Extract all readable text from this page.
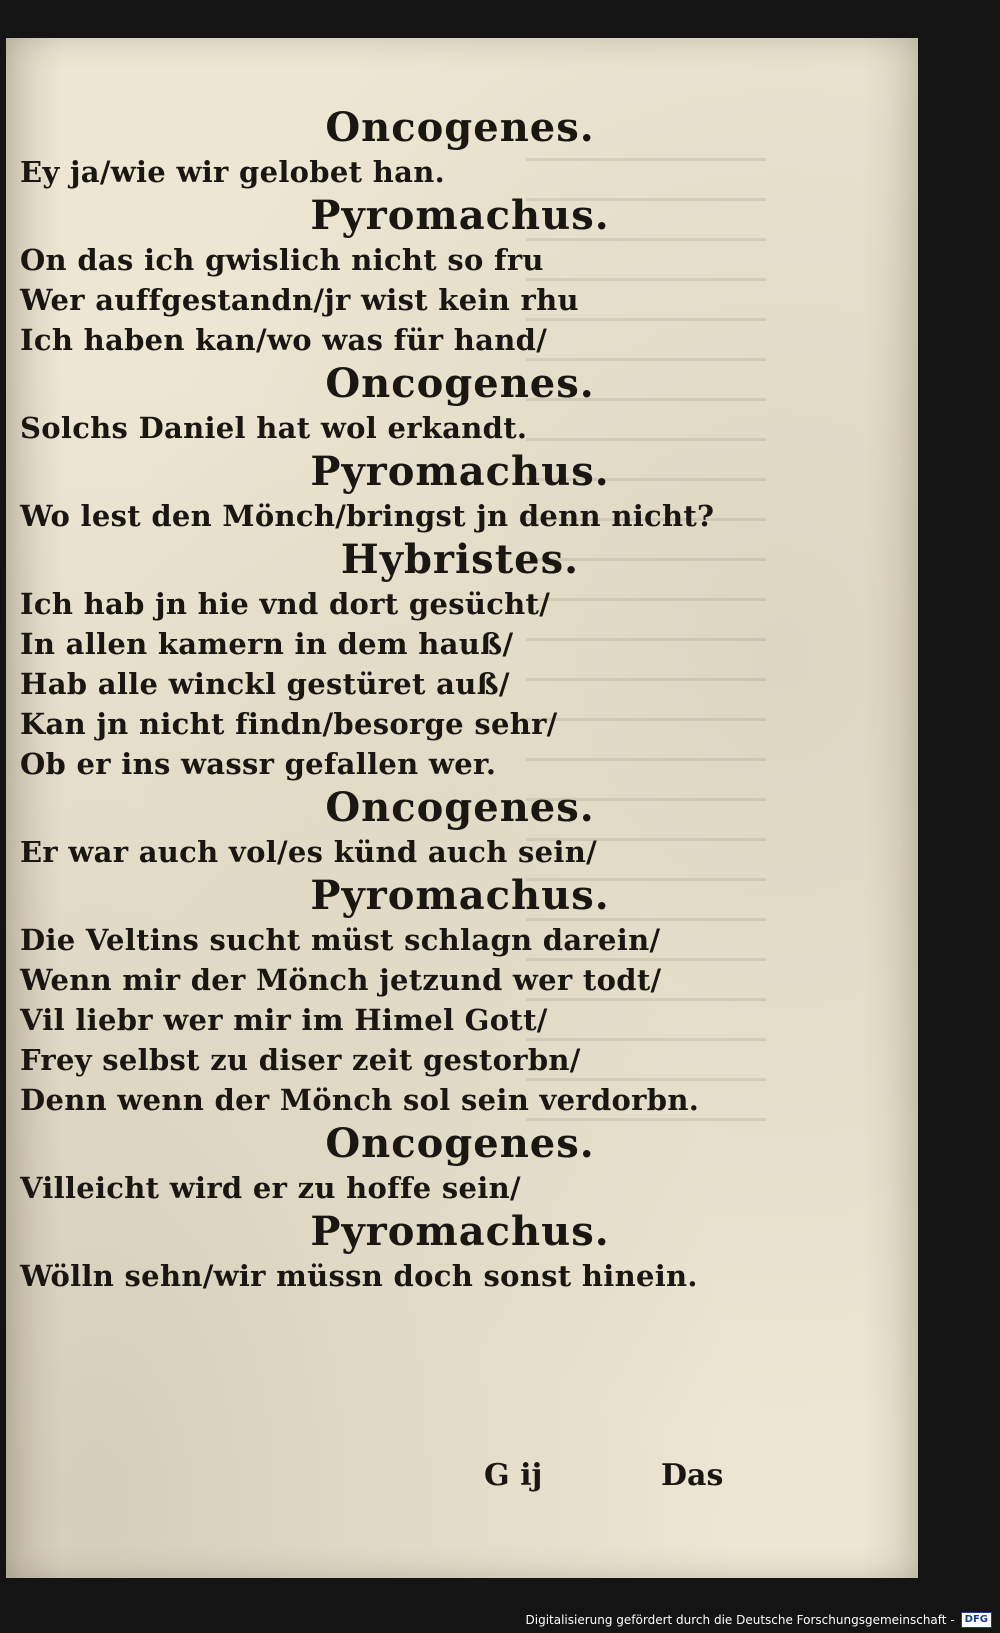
Oncogenes.
Ey ja/wie wir gelobet han.
Pyromachus.
On das ich gwislich nicht so fru
Wer auffgestandn/jr wist kein rhu
Ich haben kan/wo was für hand/
Oncogenes.
Solchs Daniel hat wol erkandt.
Pyromachus.
Wo lest den Mönch/bringst jn denn nicht?
Hybristes.
Ich hab jn hie vnd dort gesücht/
In allen kamern in dem hauß/
Hab alle winckl gestüret auß/
Kan jn nicht findn/besorge sehr/
Ob er ins wassr gefallen wer.
Oncogenes.
Er war auch vol/es künd auch sein/
Pyromachus.
Die Veltins sucht müst schlagn darein/
Wenn mir der Mönch jetzund wer todt/
Vil liebr wer mir im Himel Gott/
Frey selbst zu diser zeit gestorbn/
Denn wenn der Mönch sol sein verdorbn.
Oncogenes.
Villeicht wird er zu hoffe sein/
Pyromachus.
Wölln sehn/wir müssn doch sonst hinein.
G ij	Das
Digitalisierung gefördert durch die Deutsche Forschungsgemeinschaft -	DFG
